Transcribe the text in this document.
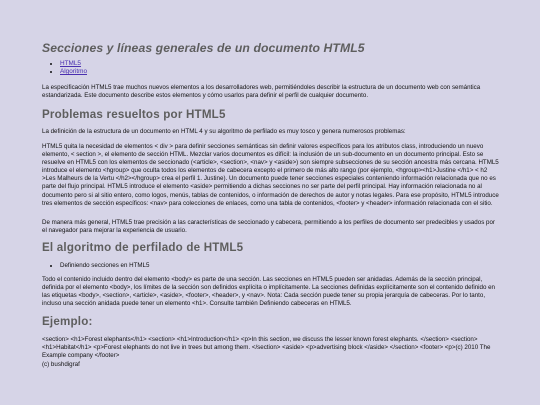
Secciones y líneas generales de un documento HTML5
• HTML5
• Algoritmo

La especificación HTML5 trae muchos nuevos elementos a los desarrolladores web, permitiéndoles describir la estructura de un documento web con semántica estandarizada. Este documento describe estos elementos y cómo usarlos para definir el perfil de cualquier documento.

Problemas resueltos por HTML5

La definición de la estructura de un documento en HTML 4 y su algoritmo de perfilado es muy tosco y genera numerosos problemas:

HTML5 quita la necesidad de elementos < div > para definir secciones semánticas sin definir valores específicos para los atributos class, introduciendo un nuevo elemento, < section >, el elemento de sección HTML. Mezclar varios documentos es difícil: la inclusión de un sub-documento en un documento principal. Esto se resuelve en HTML5 con los elementos de seccionado (<article>, <section>, <nav> y <aside>) son siempre subsecciones de su sección ancestra más cercana. HTML5 introduce el elemento <hgroup> que oculta todos los elementos de cabecera excepto el primero de más alto rango (por ejemplo, <hgroup><h1>Justine </h1> < h2 >Les Malheurs de la Vertu </h2></hgroup> crea el perfil 1. Justine). Un documento puede tener secciones especiales conteniendo información relacionada que no es parte del flujo principal. HTML5 introduce el elemento <aside> permitiendo a dichas secciones no ser parte del perfil principal. Hay información relacionada no al documento pero si al sitio entero, como logos, menús, tablas de contenidos, o información de derechos de autor y notas legales. Para ese propósito, HTML5 introduce tres elementos de sección específicos: <nav> para colecciones de enlaces, como una tabla de contenidos, <footer> y <header> información relacionada con el sitio.

De manera más general, HTML5 trae precisión a las características de seccionado y cabecera, permitiendo a los perfiles de documento ser predecibles y usados por el navegador para mejorar la experiencia de usuario.

El algoritmo de perfilado de HTML5
• Definiendo secciones en HTML5

Todo el contenido incluido dentro del elemento <body> es parte de una sección. Las secciones en HTML5 pueden ser anidadas. Además de la sección principal, definida por el elemento <body>, los límites de la sección son definidos explícita o implícitamente. La secciones definidas explícitamente son el contenido definido en las etiquetas <body>, <section>, <article>, <aside>, <footer>, <header>, y <nav>. Nota: Cada sección puede tener su propia jerarquía de cabeceras. Por lo tanto, incluso una sección anidada puede tener un elemento <h1>. Consulte también Definiendo cabeceras en HTML5.

Ejemplo:

<section> <h1>Forest elephants</h1> <section> <h1>Introduction</h1> <p>In this section, we discuss the lesser known forest elephants. </section> <section> <h1>Habitat</h1> <p>Forest elephants do not live in trees but among them. </section> <aside> <p>advertising block </aside> </section> <footer> <p>(c) 2010 The Example company </footer>

(c) bushdigraf
